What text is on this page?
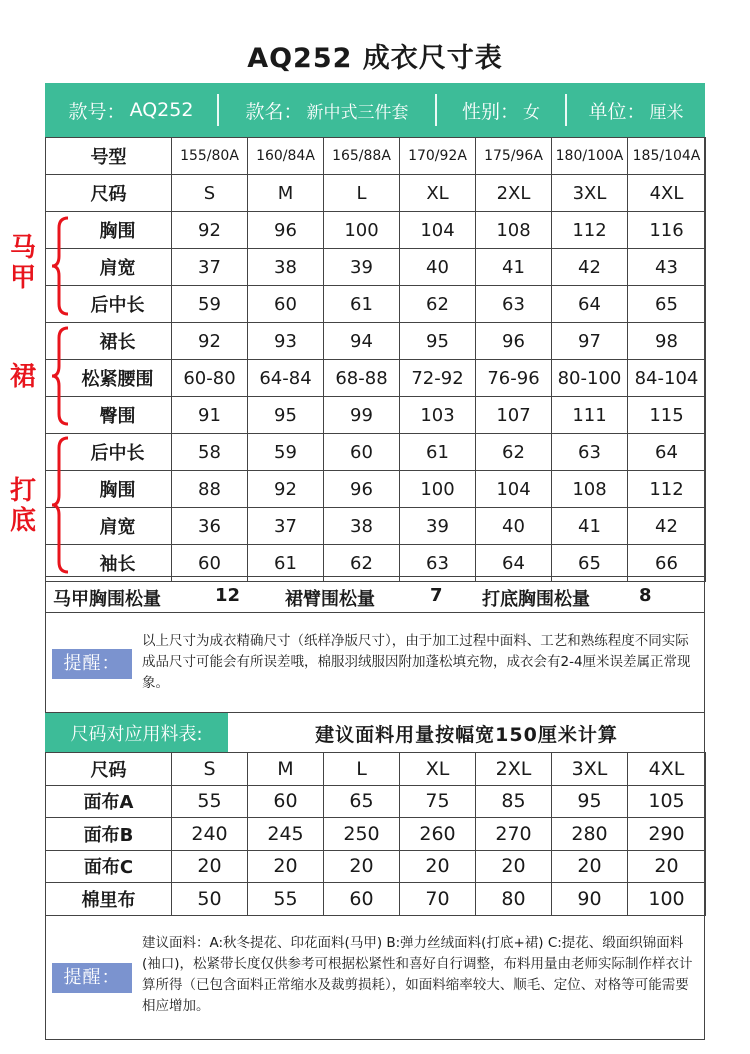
AQ252 成衣尺寸表
款号： AQ252	款名： 新中式三件套	性别： 女	单位： 厘米
号型	155/80A	160/84A	165/88A	170/92A	175/96A	180/100A	185/104A
尺码	S	M	L	XL	2XL	3XL	4XL
胸围	92	96	100	104	108	112	116
肩宽	37	38	39	40	41	42	43
后中长	59	60	61	62	63	64	65
裙长	92	93	94	95	96	97	98
松紧腰围	60-80	64-84	68-88	72-92	76-96	80-100	84-104
臀围	91	95	99	103	107	111	115
后中长	58	59	60	61	62	63	64
胸围	88	92	96	100	104	108	112
肩宽	36	37	38	39	40	41	42
袖长	60	61	62	63	64	65	66
马甲
裙
打底
马甲胸围松量	12 裙臂围松量	7 打底胸围松量	8
提醒：
以上尺寸为成衣精确尺寸（纸样净版尺寸），由于加工过程中面料、工艺和熟练程度不同实际成品尺寸可能会有所误差哦，棉服羽绒服因附加蓬松填充物，成衣会有2-4厘米误差属正常现象。
尺码对应用料表:	建议面料用量按幅宽150厘米计算
尺码	S	M	L	XL	2XL	3XL	4XL
面布A	55	60	65	75	85	95	105
面布B	240	245	250	260	270	280	290
面布C	20	20	20	20	20	20	20
棉里布	50	55	60	70	80	90	100
提醒：
建议面料：A:秋冬提花、印花面料(马甲) B:弹力丝绒面料(打底+裙) C:提花、缎面织锦面料(袖口)，松紧带长度仅供参考可根据松紧性和喜好自行调整，布料用量由老师实际制作样衣计算所得（已包含面料正常缩水及裁剪损耗），如面料缩率较大、顺毛、定位、对格等可能需要相应增加。
